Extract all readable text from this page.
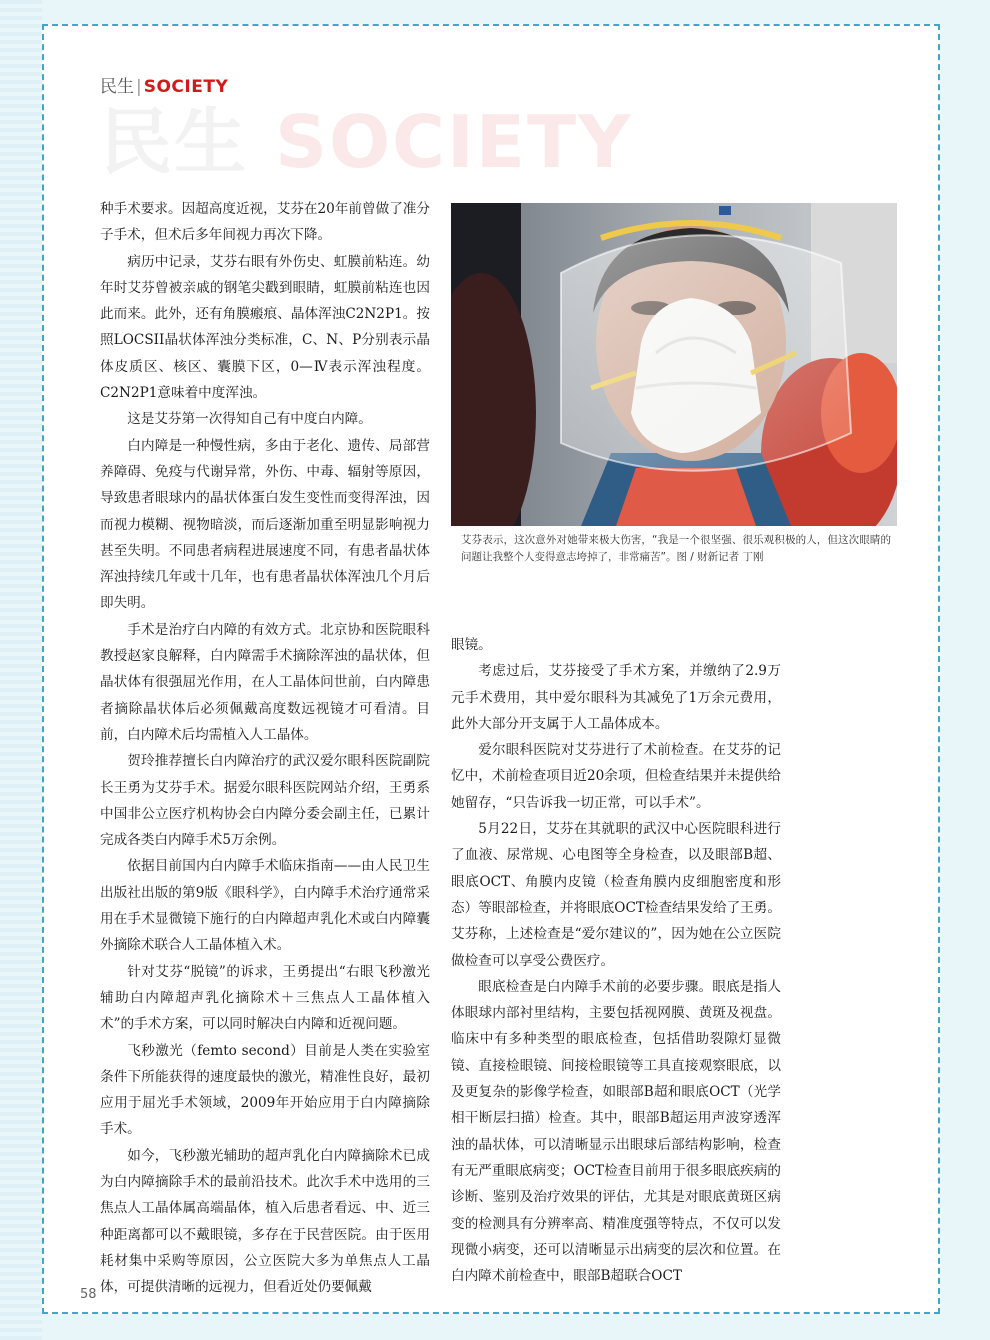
民生 SOCIETY
民生 | SOCIETY

种手术要求。因超高度近视，艾芬在20年前曾做了准分子手术，但术后多年间视力再次下降。

病历中记录，艾芬右眼有外伤史、虹膜前粘连。幼年时艾芬曾被亲戚的钢笔尖戳到眼睛，虹膜前粘连也因此而来。此外，还有角膜瘢痕、晶体浑浊C2N2P1。按照LOCSII晶状体浑浊分类标准，C、N、P分别表示晶体皮质区、核区、囊膜下区，0—Ⅳ表示浑浊程度。C2N2P1意味着中度浑浊。

这是艾芬第一次得知自己有中度白内障。

白内障是一种慢性病，多由于老化、遗传、局部营养障碍、免疫与代谢异常，外伤、中毒、辐射等原因，导致患者眼球内的晶状体蛋白发生变性而变得浑浊，因而视力模糊、视物暗淡，而后逐渐加重至明显影响视力甚至失明。不同患者病程进展速度不同，有患者晶状体浑浊持续几年或十几年，也有患者晶状体浑浊几个月后即失明。

手术是治疗白内障的有效方式。北京协和医院眼科教授赵家良解释，白内障需手术摘除浑浊的晶状体，但晶状体有很强屈光作用，在人工晶体问世前，白内障患者摘除晶状体后必须佩戴高度数远视镜才可看清。目前，白内障术后均需植入人工晶体。

贺玲推荐擅长白内障治疗的武汉爱尔眼科医院副院长王勇为艾芬手术。据爱尔眼科医院网站介绍，王勇系中国非公立医疗机构协会白内障分委会副主任，已累计完成各类白内障手术5万余例。

依据目前国内白内障手术临床指南——由人民卫生出版社出版的第9版《眼科学》，白内障手术治疗通常采用在手术显微镜下施行的白内障超声乳化术或白内障囊外摘除术联合人工晶体植入术。

针对艾芬“脱镜”的诉求，王勇提出“右眼飞秒激光辅助白内障超声乳化摘除术＋三焦点人工晶体植入术”的手术方案，可以同时解决白内障和近视问题。

飞秒激光（femto second）目前是人类在实验室条件下所能获得的速度最快的激光，精准性良好，最初应用于屈光手术领域，2009年开始应用于白内障摘除手术。

如今，飞秒激光辅助的超声乳化白内障摘除术已成为白内障摘除手术的最前沿技术。此次手术中选用的三焦点人工晶体属高端晶体，植入后患者看远、中、近三种距离都可以不戴眼镜，多存在于民营医院。由于医用耗材集中采购等原因，公立医院大多为单焦点人工晶体，可提供清晰的远视力，但看近处仍要佩戴

艾芬表示，这次意外对她带来极大伤害，“我是一个很坚强、很乐观积极的人，但这次眼睛的问题让我整个人变得意志垮掉了，非常痛苦”。图 / 财新记者 丁刚

眼镜。

考虑过后，艾芬接受了手术方案，并缴纳了2.9万元手术费用，其中爱尔眼科为其减免了1万余元费用，此外大部分开支属于人工晶体成本。

爱尔眼科医院对艾芬进行了术前检查。在艾芬的记忆中，术前检查项目近20余项，但检查结果并未提供给她留存，“只告诉我一切正常，可以手术”。

5月22日，艾芬在其就职的武汉中心医院眼科进行了血液、尿常规、心电图等全身检查，以及眼部B超、眼底OCT、角膜内皮镜（检查角膜内皮细胞密度和形态）等眼部检查，并将眼底OCT检查结果发给了王勇。艾芬称，上述检查是“爱尔建议的”，因为她在公立医院做检查可以享受公费医疗。

眼底检查是白内障手术前的必要步骤。眼底是指人体眼球内部衬里结构，主要包括视网膜、黄斑及视盘。临床中有多种类型的眼底检查，包括借助裂隙灯显微镜、直接检眼镜、间接检眼镜等工具直接观察眼底，以及更复杂的影像学检查，如眼部B超和眼底OCT（光学相干断层扫描）检查。其中，眼部B超运用声波穿透浑浊的晶状体，可以清晰显示出眼球后部结构影响，检查有无严重眼底病变；OCT检查目前用于很多眼底疾病的诊断、鉴别及治疗效果的评估，尤其是对眼底黄斑区病变的检测具有分辨率高、精准度强等特点，不仅可以发现微小病变，还可以清晰显示出病变的层次和位置。在白内障术前检查中，眼部B超联合OCT

58
